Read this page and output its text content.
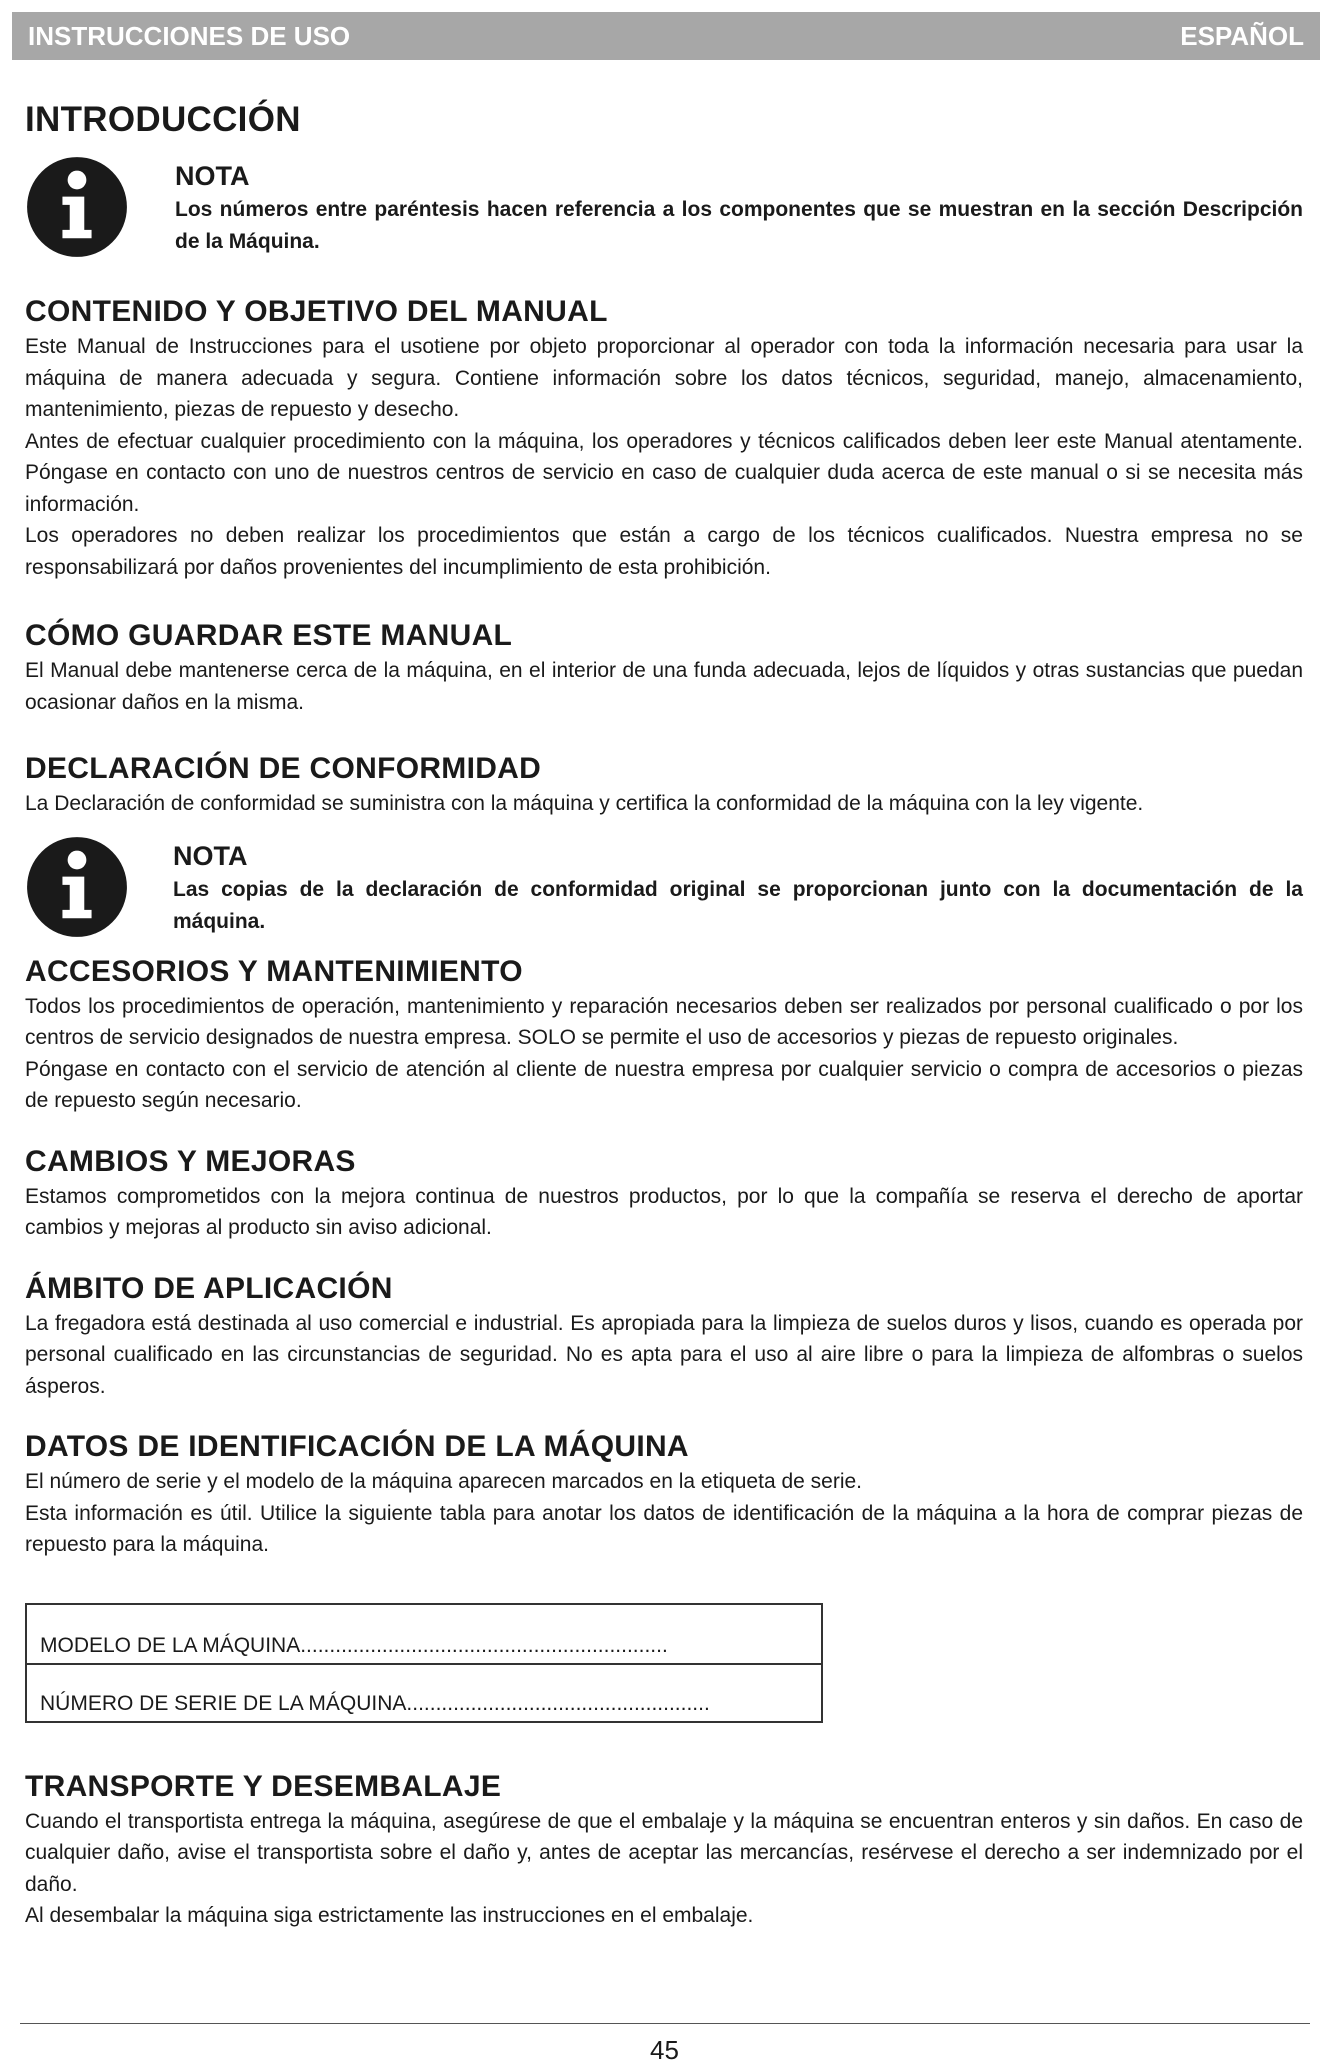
INSTRUCCIONES DE USO	ESPAÑOL
INTRODUCCIÓN
NOTA
Los números entre paréntesis hacen referencia a los componentes que se muestran en la sección Descripción de la Máquina.
CONTENIDO Y OBJETIVO DEL MANUAL

Este Manual de Instrucciones para el usotiene por objeto proporcionar al operador con toda la información necesaria para usar la máquina de manera adecuada y segura. Contiene información sobre los datos técnicos, seguridad, manejo, almacenamiento, mantenimiento, piezas de repuesto y desecho.

Antes de efectuar cualquier procedimiento con la máquina, los operadores y técnicos calificados deben leer este Manual atentamente. Póngase en contacto con uno de nuestros centros de servicio en caso de cualquier duda acerca de este manual o si se necesita más información.

Los operadores no deben realizar los procedimientos que están a cargo de los técnicos cualificados. Nuestra empresa no se responsabilizará por daños provenientes del incumplimiento de esta prohibición.

CÓMO GUARDAR ESTE MANUAL

El Manual debe mantenerse cerca de la máquina, en el interior de una funda adecuada, lejos de líquidos y otras sustancias que puedan ocasionar daños en la misma.

DECLARACIÓN DE CONFORMIDAD

La Declaración de conformidad se suministra con la máquina y certifica la conformidad de la máquina con la ley vigente.

NOTA
Las copias de la declaración de conformidad original se proporcionan junto con la documentación de la máquina.
ACCESORIOS Y MANTENIMIENTO

Todos los procedimientos de operación, mantenimiento y reparación necesarios deben ser realizados por personal cualificado o por los centros de servicio designados de nuestra empresa. SOLO se permite el uso de accesorios y piezas de repuesto originales.

Póngase en contacto con el servicio de atención al cliente de nuestra empresa por cualquier servicio o compra de accesorios o piezas de repuesto según necesario.

CAMBIOS Y MEJORAS

Estamos comprometidos con la mejora continua de nuestros productos, por lo que la compañía se reserva el derecho de aportar cambios y mejoras al producto sin aviso adicional.

ÁMBITO DE APLICACIÓN

La fregadora está destinada al uso comercial e industrial. Es apropiada para la limpieza de suelos duros y lisos, cuando es operada por personal cualificado en las circunstancias de seguridad. No es apta para el uso al aire libre o para la limpieza de alfombras o suelos ásperos.

DATOS DE IDENTIFICACIÓN DE LA MÁQUINA

El número de serie y el modelo de la máquina aparecen marcados en la etiqueta de serie.

Esta información es útil. Utilice la siguiente tabla para anotar los datos de identificación de la máquina a la hora de comprar piezas de repuesto para la máquina.

MODELO DE LA MÁQUINA...............................................................
NÚMERO DE SERIE DE LA MÁQUINA....................................................
TRANSPORTE Y DESEMBALAJE

Cuando el transportista entrega la máquina, asegúrese de que el embalaje y la máquina se encuentran enteros y sin daños. En caso de cualquier daño, avise el transportista sobre el daño y, antes de aceptar las mercancías, resérvese el derecho a ser indemnizado por el daño.

Al desembalar la máquina siga estrictamente las instrucciones en el embalaje.

45
